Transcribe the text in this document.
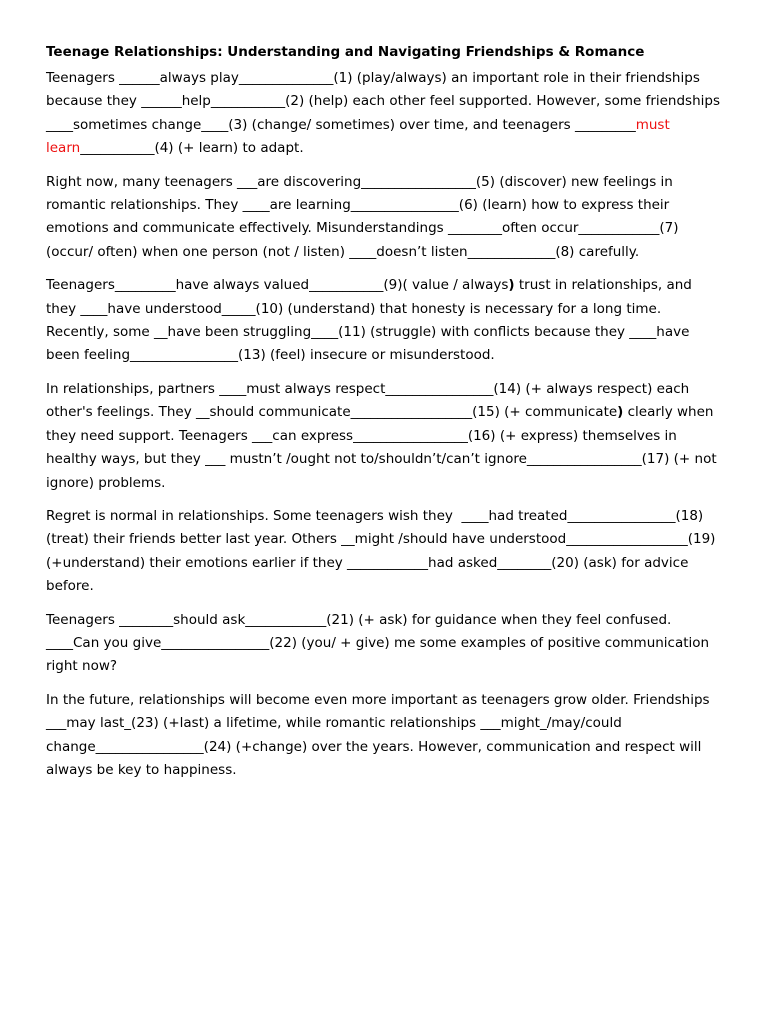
Teenage Relationships: Understanding and Navigating Friendships & Romance

Teenagers ______always play______________(1) (play/always) an important role in their friendships because they ______help___________(2) (help) each other feel supported. However, some friendships ____sometimes change____(3) (change/ sometimes) over time, and teenagers _________must learn___________(4) (+ learn) to adapt.

Right now, many teenagers ___are discovering_________________(5) (discover) new feelings in romantic relationships. They ____are learning________________(6) (learn) how to express their emotions and communicate effectively. Misunderstandings ________often occur____________(7) (occur/ often) when one person (not / listen) ____doesn’t listen_____________(8) carefully.

Teenagers_________have always valued___________(9)( value / always) trust in relationships, and they ____have understood_____(10) (understand) that honesty is necessary for a long time. Recently, some __have been struggling____(11) (struggle) with conflicts because they ____have been feeling________________(13) (feel) insecure or misunderstood.

In relationships, partners ____must always respect________________(14) (+ always respect) each other's feelings. They __should communicate__________________(15) (+ communicate) clearly when they need support. Teenagers ___can express_________________(16) (+ express) themselves in healthy ways, but they ___ mustn’t /ought not to/shouldn’t/can’t ignore_________________(17) (+ not ignore) problems.

Regret is normal in relationships. Some teenagers wish they  ____had treated________________(18) (treat) their friends better last year. Others __might /should have understood__________________(19) (+understand) their emotions earlier if they ____________had asked________(20) (ask) for advice before.

Teenagers ________should ask____________(21) (+ ask) for guidance when they feel confused. ____Can you give________________(22) (you/ + give) me some examples of positive communication right now?

In the future, relationships will become even more important as teenagers grow older. Friendships ___may last_(23) (+last) a lifetime, while romantic relationships ___might_/may/could change________________(24) (+change) over the years. However, communication and respect will always be key to happiness.
